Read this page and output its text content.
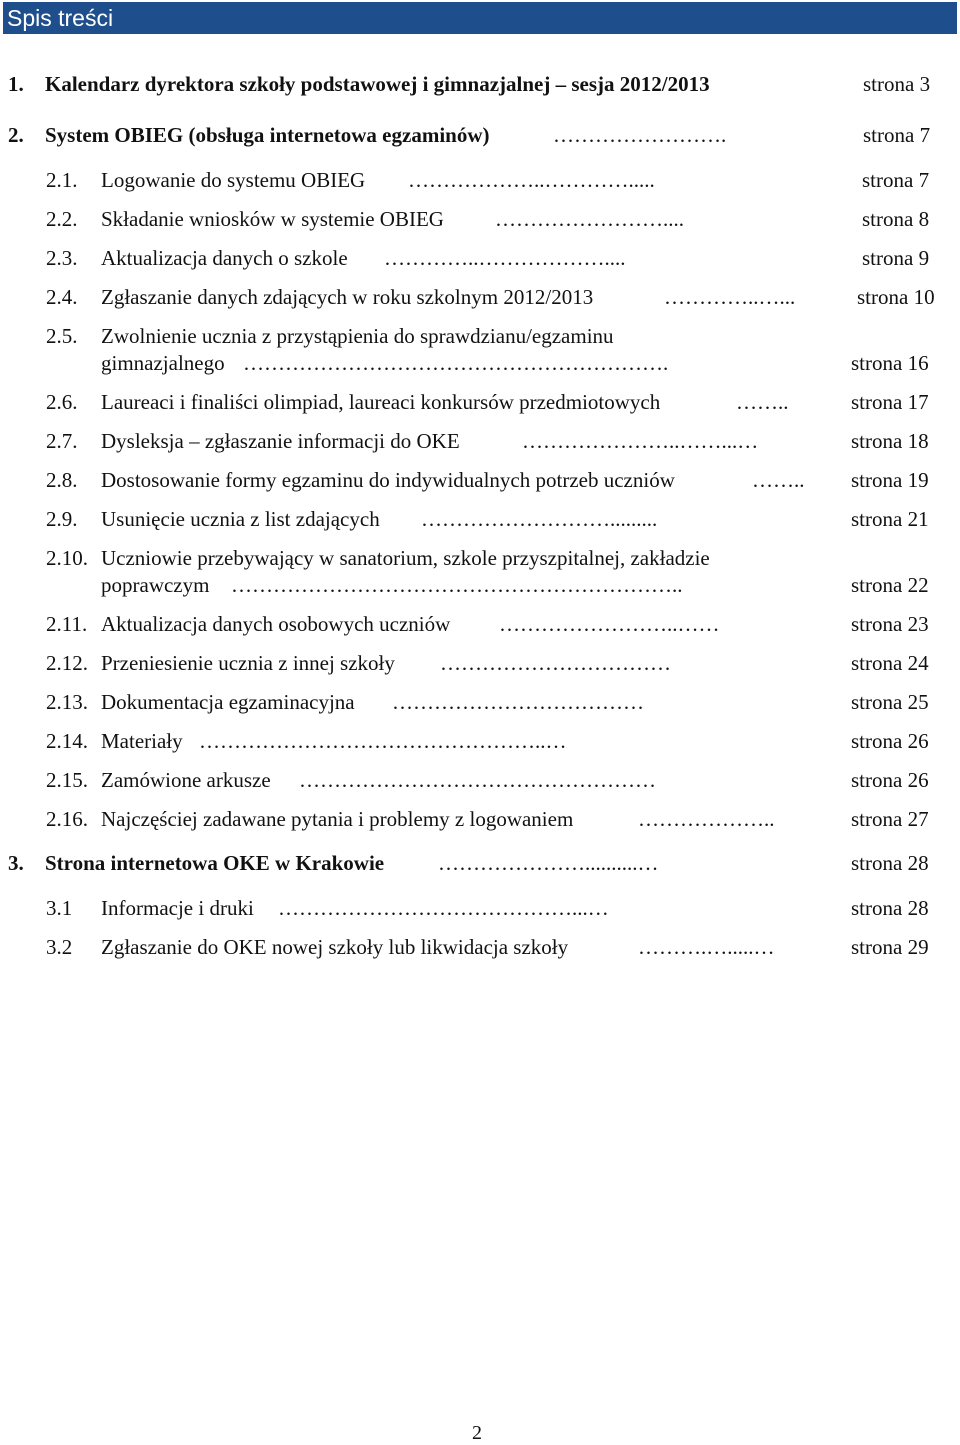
Spis treści
1. Kalendarz dyrektora szkoły podstawowej i gimnazjalnej – sesja 2012/2013	strona 3
2. System OBIEG (obsługa internetowa egzaminów)	…………………….	strona 7
2.1. Logowanie do systemu OBIEG ………………..………….....	strona 7
2.2. Składanie wniosków w systemie OBIEG ……………………....	strona 8
2.3. Aktualizacja danych o szkole …………..………………....	strona 9
2.4. Zgłaszanie danych zdających w roku szkolnym 2012/2013	…………..…...	strona 10
2.5. Zwolnienie ucznia z przystąpienia do sprawdzianu/egzaminu
gimnazjalnego …………………………………………………….	strona 16
2.6. Laureaci i finaliści olimpiad, laureaci konkursów przedmiotowych	……..	strona 17
2.7. Dysleksja – zgłaszanie informacji do OKE	…………………..……...…	strona 18
2.8. Dostosowanie formy egzaminu do indywidualnych potrzeb uczniów	…….. strona 19
2.9. Usunięcie ucznia z list zdających ……………………….........	strona 21
2.10. Uczniowie przebywający w sanatorium, szkole przyszpitalnej, zakładzie
poprawczym ………………………………………………………..	strona 22
2.11. Aktualizacja danych osobowych uczniów ……………………..……	strona 23
2.12. Przeniesienie ucznia z innej szkoły ……………………………	strona 24
2.13. Dokumentacja egzaminacyjna ………………………………	strona 25
2.14. Materiały …………………………………………..…	strona 26
2.15. Zamówione arkusze ……………………………………………	strona 26
2.16. Najczęściej zadawane pytania i problemy z logowaniem	………………..	strona 27
3. Strona internetowa OKE w Krakowie	…………………..........…	strona 28
3.1 Informacje i druki ……………………………………...…	strona 28
3.2 Zgłaszanie do OKE nowej szkoły lub likwidacja szkoły	……….….....…	strona 29
2
